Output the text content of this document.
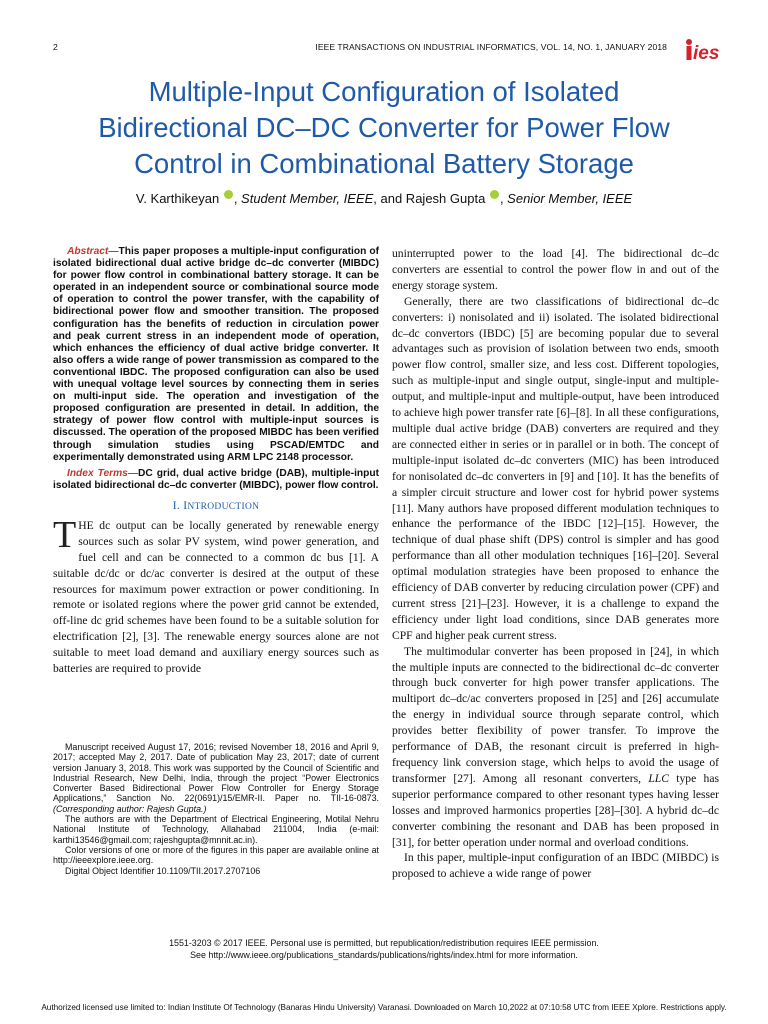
2	IEEE TRANSACTIONS ON INDUSTRIAL INFORMATICS, VOL. 14, NO. 1, JANUARY 2018 ies
Multiple-Input Configuration of Isolated
Bidirectional DC–DC Converter for Power Flow
Control in Combinational Battery Storage
V. Karthikeyan , Student Member, IEEE, and Rajesh Gupta , Senior Member, IEEE

Abstract—This paper proposes a multiple-input configuration of isolated bidirectional dual active bridge dc–dc converter (MIBDC) for power flow control in combinational battery storage. It can be operated in an independent source or combinational source mode of operation to control the power transfer, with the capability of bidirectional power flow and smoother transition. The proposed configuration has the benefits of reduction in circulation power and peak current stress in an independent mode of operation, which enhances the efficiency of dual active bridge converter. It also offers a wide range of power transmission as compared to the conventional IBDC. The proposed configuration can also be used with unequal voltage level sources by connecting them in series on multi-input side. The operation and investigation of the proposed configuration are presented in detail. In addition, the strategy of power flow control with multiple-input sources is discussed. The operation of the proposed MIBDC has been verified through simulation studies using PSCAD/EMTDC and experimentally demonstrated using ARM LPC 2148 processor.

Index Terms—DC grid, dual active bridge (DAB), multiple-input isolated bidirectional dc–dc converter (MIBDC), power flow control.

I. INTRODUCTION

THE dc output can be locally generated by renewable energy sources such as solar PV system, wind power generation, and fuel cell and can be connected to a common dc bus [1]. A suitable dc/dc or dc/ac converter is desired at the output of these resources for maximum power extraction or power conditioning. In remote or isolated regions where the power grid cannot be extended, off-line dc grid schemes have been found to be a suitable solution for electrification [2], [3]. The renewable energy sources alone are not suitable to meet load demand and auxiliary energy sources such as batteries are required to provide

Manuscript received August 17, 2016; revised November 18, 2016 and April 9, 2017; accepted May 2, 2017. Date of publication May 23, 2017; date of current version January 3, 2018. This work was supported by the Council of Scientific and Industrial Research, New Delhi, India, through the project “Power Electronics Converter Based Bidirectional Power Flow Controller for Energy Storage Applications,” Sanction No. 22(0691)/15/EMR-II. Paper no. TII-16-0873. (Corresponding author: Rajesh Gupta.)

The authors are with the Department of Electrical Engineering, Motilal Nehru National Institute of Technology, Allahabad 211004, India (e-mail: karthi13546@gmail.com; rajeshgupta@mnnit.ac.in).

Color versions of one or more of the figures in this paper are available online at http://ieeexplore.ieee.org.

Digital Object Identifier 10.1109/TII.2017.2707106

uninterrupted power to the load [4]. The bidirectional dc–dc converters are essential to control the power flow in and out of the energy storage system.

Generally, there are two classifications of bidirectional dc–dc converters: i) nonisolated and ii) isolated. The isolated bidirectional dc–dc convertors (IBDC) [5] are becoming popular due to several advantages such as provision of isolation between two ends, smooth power flow control, smaller size, and less cost. Different topologies, such as multiple-input and single output, single-input and multiple-output, and multiple-input and multiple-output, have been introduced to achieve high power transfer rate [6]–[8]. In all these configurations, multiple dual active bridge (DAB) converters are required and they are connected either in series or in parallel or in both. The concept of multiple-input isolated dc–dc converters (MIC) has been introduced for nonisolated dc–dc converters in [9] and [10]. It has the benefits of a simpler circuit structure and lower cost for hybrid power systems [11]. Many authors have proposed different modulation techniques to enhance the performance of the IBDC [12]–[15]. However, the technique of dual phase shift (DPS) control is simpler and has good performance than all other modulation techniques [16]–[20]. Several optimal modulation strategies have been proposed to enhance the efficiency of DAB converter by reducing circulation power (CPF) and current stress [21]–[23]. However, it is a challenge to expand the efficiency under light load conditions, since DAB generates more CPF and higher peak current stress.

The multimodular converter has been proposed in [24], in which the multiple inputs are connected to the bidirectional dc–dc converter through buck converter for high power transfer applications. The multiport dc–dc/ac converters proposed in [25] and [26] accumulate the energy in individual source through separate control, which provides better flexibility of power transfer. To improve the performance of DAB, the resonant circuit is preferred in high-frequency link conversion stage, which helps to avoid the usage of transformer [27]. Among all resonant converters, LLC type has superior performance compared to other resonant types having lesser losses and improved harmonics properties [28]–[30]. A hybrid dc–dc converter combining the resonant and DAB has been proposed in [31], for better operation under normal and overload conditions.

In this paper, multiple-input configuration of an IBDC (MIBDC) is proposed to achieve a wide range of power

1551-3203 © 2017 IEEE. Personal use is permitted, but republication/redistribution requires IEEE permission.
See http://www.ieee.org/publications_standards/publications/rights/index.html for more information.
Authorized licensed use limited to: Indian Institute Of Technology (Banaras Hindu University) Varanasi. Downloaded on March 10,2022 at 07:10:58 UTC from IEEE Xplore. Restrictions apply.
